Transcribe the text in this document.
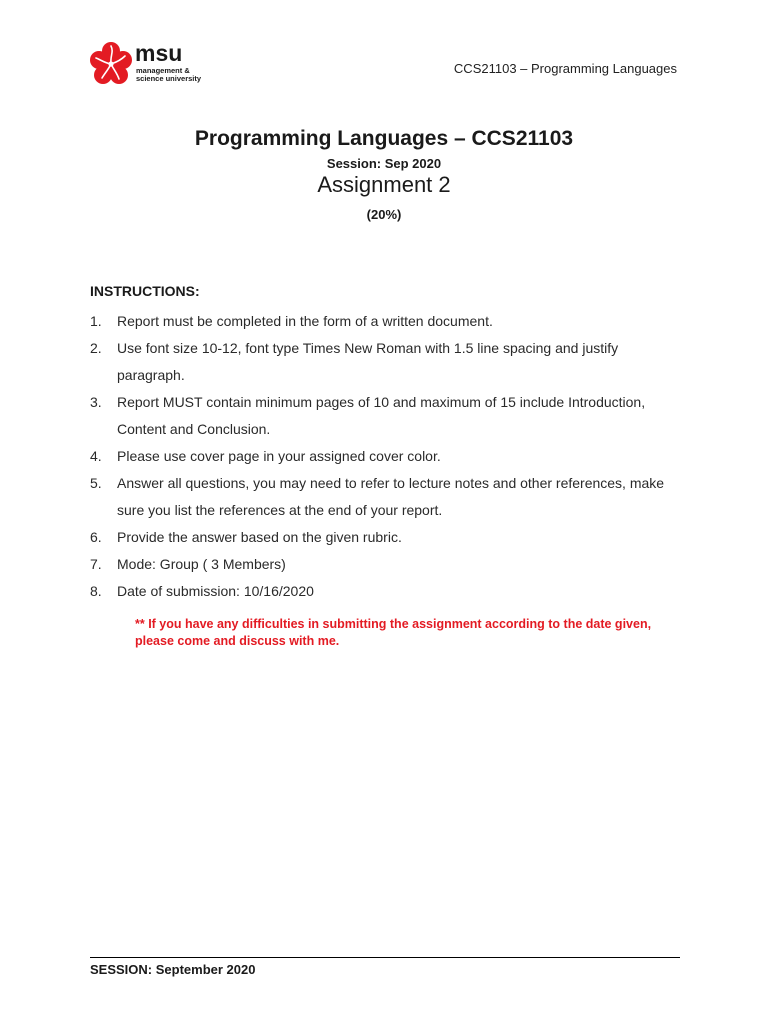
msu
management &
science university
CCS21103 – Programming Languages
Programming Languages – CCS21103
Session: Sep 2020
Assignment 2
(20%)
INSTRUCTIONS:
1.	Report must be completed in the form of a written document.
2.	Use font size 10-12, font type Times New Roman with 1.5 line spacing and justify paragraph.
3.	Report MUST contain minimum pages of 10 and maximum of 15 include Introduction, Content and Conclusion.
4.	Please use cover page in your assigned cover color.
5.	Answer all questions, you may need to refer to lecture notes and other references, make sure you list the references at the end of your report.
6.	Provide the answer based on the given rubric.
7.	Mode: Group ( 3 Members)
8.	Date of submission: 10/16/2020
** If you have any difficulties in submitting the assignment according to the date given, please come and discuss with me.
SESSION: September 2020
